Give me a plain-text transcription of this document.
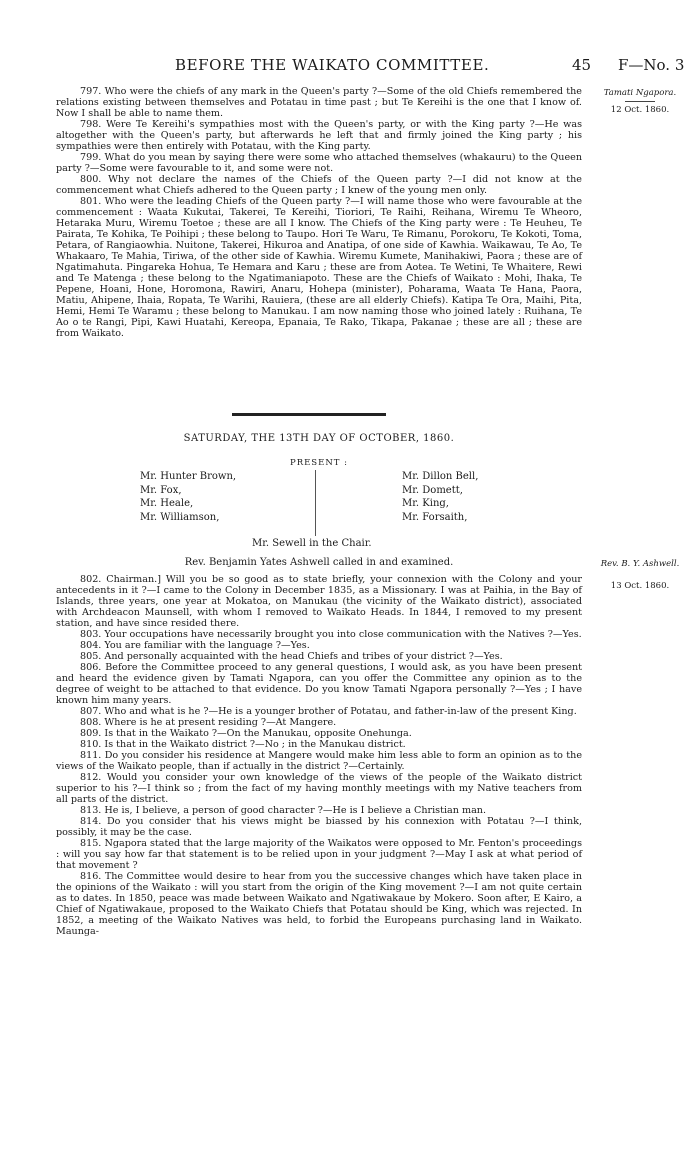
BEFORE THE WAIKATO COMMITTEE.	45 F—No. 3
Tamati Ngapora.
12 Oct. 1860.

797. Who were the chiefs of any mark in the Queen's party ?—Some of the old Chiefs remembered the relations existing between themselves and Potatau in time past ; but Te Kereihi is the one that I know of. Now I shall be able to name them.

798. Were Te Kereihi's sympathies most with the Queen's party, or with the King party ?—He was altogether with the Queen's party, but afterwards he left that and firmly joined the King party ; his sympathies were then entirely with Potatau, with the King party.

799. What do you mean by saying there were some who attached themselves (whakauru) to the Queen party ?—Some were favourable to it, and some were not.

800. Why not declare the names of the Chiefs of the Queen party ?—I did not know at the commencement what Chiefs adhered to the Queen party ; I knew of the young men only.

801. Who were the leading Chiefs of the Queen party ?—I will name those who were favourable at the commencement : Waata Kukutai, Takerei, Te Kereihi, Tioriori, Te Raihi, Reihana, Wiremu Te Wheoro, Hetaraka Muru, Wiremu Toetoe ; these are all I know. The Chiefs of the King party were : Te Heuheu, Te Pairata, Te Kohika, Te Poihipi ; these belong to Taupo. Hori Te Waru, Te Rimanu, Porokoru, Te Kokoti, Toma, Petara, of Rangiaowhia. Nuitone, Takerei, Hikuroa and Anatipa, of one side of Kawhia. Waikawau, Te Ao, Te Whakaaro, Te Mahia, Tiriwa, of the other side of Kawhia. Wiremu Kumete, Manihakiwi, Paora ; these are of Ngatimahuta. Pingareka Hohua, Te Hemara and Karu ; these are from Aotea. Te Wetini, Te Whaitere, Rewi and Te Matenga ; these belong to the Ngatimaniapoto. These are the Chiefs of Waikato : Mohi, Ihaka, Te Pepene, Hoani, Hone, Horomona, Rawiri, Anaru, Hohepa (minister), Poharama, Waata Te Hana, Paora, Matiu, Ahipene, Ihaia, Ropata, Te Warihi, Rauiera, (these are all elderly Chiefs). Katipa Te Ora, Maihi, Pita, Hemi, Hemi Te Waramu ; these belong to Manukau. I am now naming those who joined lately : Ruihana, Te Ao o te Rangi, Pipi, Kawi Huatahi, Kereopa, Epanaia, Te Rako, Tikapa, Pakanae ; these are all ; these are from Waikato.

SATURDAY, THE 13TH DAY OF OCTOBER, 1860.
PRESENT :
Mr. Hunter Brown,
Mr. Fox,
Mr. Heale,
Mr. Williamson,
Mr. Dillon Bell,
Mr. Domett,
Mr. King,
Mr. Forsaith,
Mr. Sewell in the Chair.
Rev. Benjamin Yates Ashwell called in and examined.	Rev. B. Y. Ashwell.
13 Oct. 1860.

802. Chairman.] Will you be so good as to state briefly, your connexion with the Colony and your antecedents in it ?—I came to the Colony in December 1835, as a Missionary. I was at Paihia, in the Bay of Islands, three years, one year at Mokatoa, on Manukau (the vicinity of the Waikato district), associated with Archdeacon Maunsell, with whom I removed to Waikato Heads. In 1844, I removed to my present station, and have since resided there.

803. Your occupations have necessarily brought you into close communication with the Natives ?—Yes.

804. You are familiar with the language ?—Yes.

805. And personally acquainted with the head Chiefs and tribes of your district ?—Yes.

806. Before the Committee proceed to any general questions, I would ask, as you have been present and heard the evidence given by Tamati Ngapora, can you offer the Committee any opinion as to the degree of weight to be attached to that evidence. Do you know Tamati Ngapora personally ?—Yes ; I have known him many years.

807. Who and what is he ?—He is a younger brother of Potatau, and father-in-law of the present King.

808. Where is he at present residing ?—At Mangere.

809. Is that in the Waikato ?—On the Manukau, opposite Onehunga.

810. Is that in the Waikato district ?—No ; in the Manukau district.

811. Do you consider his residence at Mangere would make him less able to form an opinion as to the views of the Waikato people, than if actually in the district ?—Certainly.

812. Would you consider your own knowledge of the views of the people of the Waikato district superior to his ?—I think so ; from the fact of my having monthly meetings with my Native teachers from all parts of the district.

813. He is, I believe, a person of good character ?—He is I believe a Christian man.

814. Do you consider that his views might be biassed by his connexion with Potatau ?—I think, possibly, it may be the case.

815. Ngapora stated that the large majority of the Waikatos were opposed to Mr. Fenton's proceedings : will you say how far that statement is to be relied upon in your judgment ?—May I ask at what period of that movement ?

816. The Committee would desire to hear from you the successive changes which have taken place in the opinions of the Waikato : will you start from the origin of the King movement ?—I am not quite certain as to dates. In 1850, peace was made between Waikato and Ngatiwakaue by Mokero. Soon after, E Kairo, a Chief of Ngatiwakaue, proposed to the Waikato Chiefs that Potatau should be King, which was rejected. In 1852, a meeting of the Waikato Natives was held, to forbid the Europeans purchasing land in Waikato. Maunga-
